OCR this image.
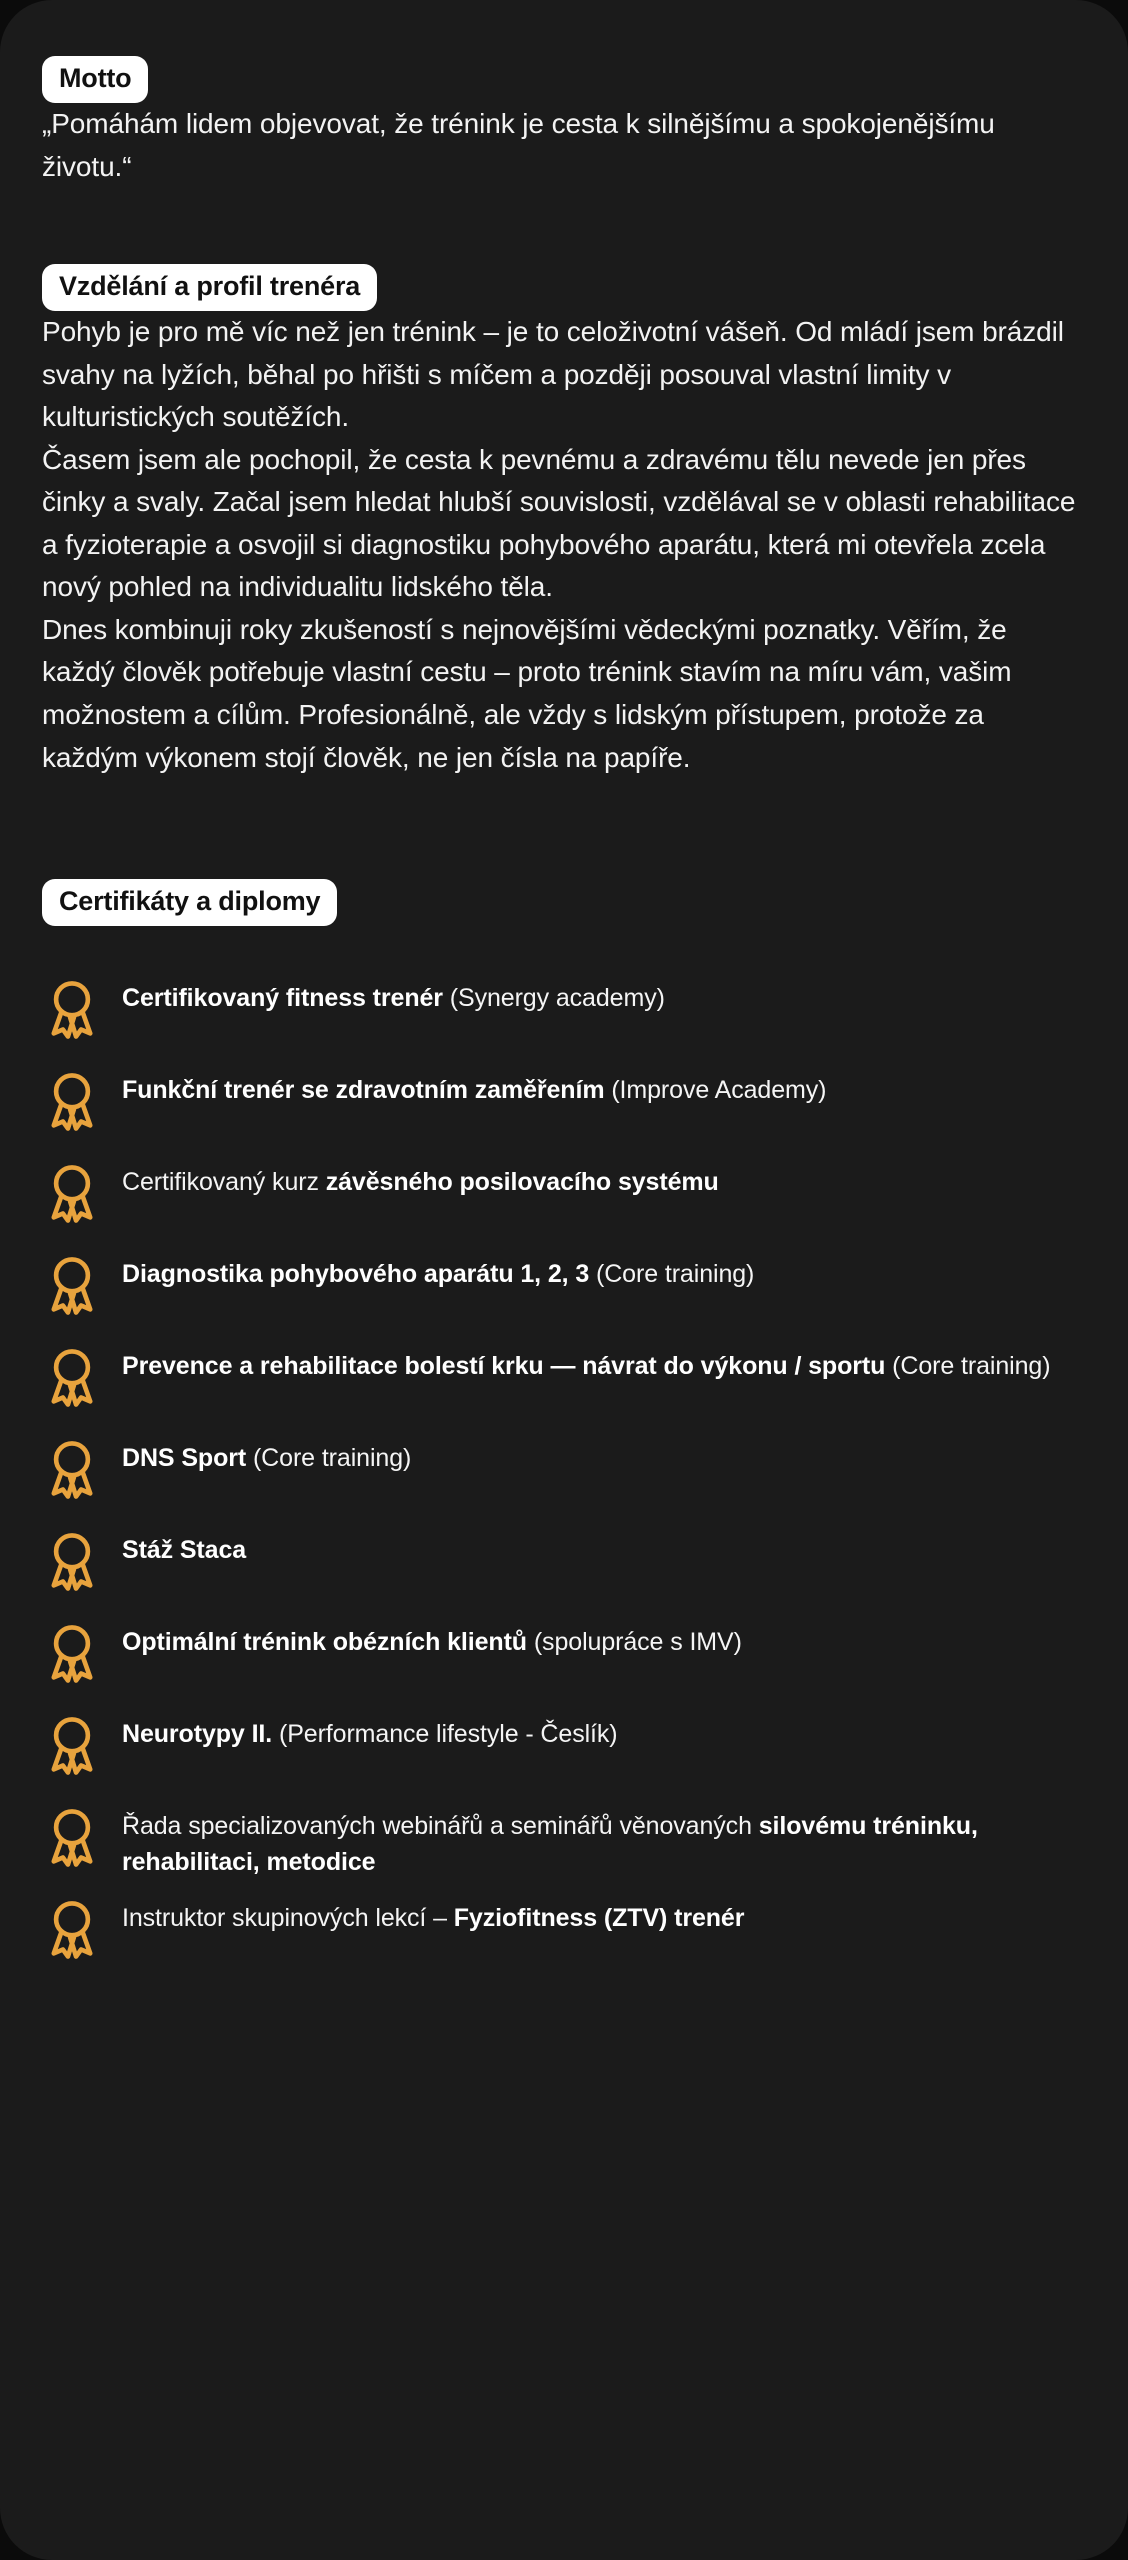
Motto

„Pomáhám lidem objevovat, že trénink je cesta k silnějšímu a spokojenějšímu životu.“

Vzdělání a profil trenéra

Pohyb je pro mě víc než jen trénink – je to celoživotní vášeň. Od mládí jsem brázdil svahy na lyžích, běhal po hřišti s míčem a později posouval vlastní limity v kulturistických soutěžích.

Časem jsem ale pochopil, že cesta k pevnému a zdravému tělu nevede jen přes činky a svaly. Začal jsem hledat hlubší souvislosti, vzdělával se v oblasti rehabilitace a fyzioterapie a osvojil si diagnostiku pohybového aparátu, která mi otevřela zcela nový pohled na individualitu lidského těla.

Dnes kombinuji roky zkušeností s nejnovějšími vědeckými poznatky. Věřím, že každý člověk potřebuje vlastní cestu – proto trénink stavím na míru vám, vašim možnostem a cílům. Profesionálně, ale vždy s lidským přístupem, protože za každým výkonem stojí člověk, ne jen čísla na papíře.

Certifikáty a diplomy
Certifikovaný fitness trenér (Synergy academy)
Funkční trenér se zdravotním zaměřením (Improve Academy)
Certifikovaný kurz závěsného posilovacího systému
Diagnostika pohybového aparátu 1, 2, 3 (Core training)
Prevence a rehabilitace bolestí krku — návrat do výkonu / sportu (Core training)
DNS Sport (Core training)
Stáž Staca
Optimální trénink obézních klientů (spolupráce s IMV)
Neurotypy II. (Performance lifestyle - Česlík)
Řada specializovaných webinářů a seminářů věnovaných silovému tréninku, rehabilitaci, metodice
Instruktor skupinových lekcí – Fyziofitness (ZTV) trenér
